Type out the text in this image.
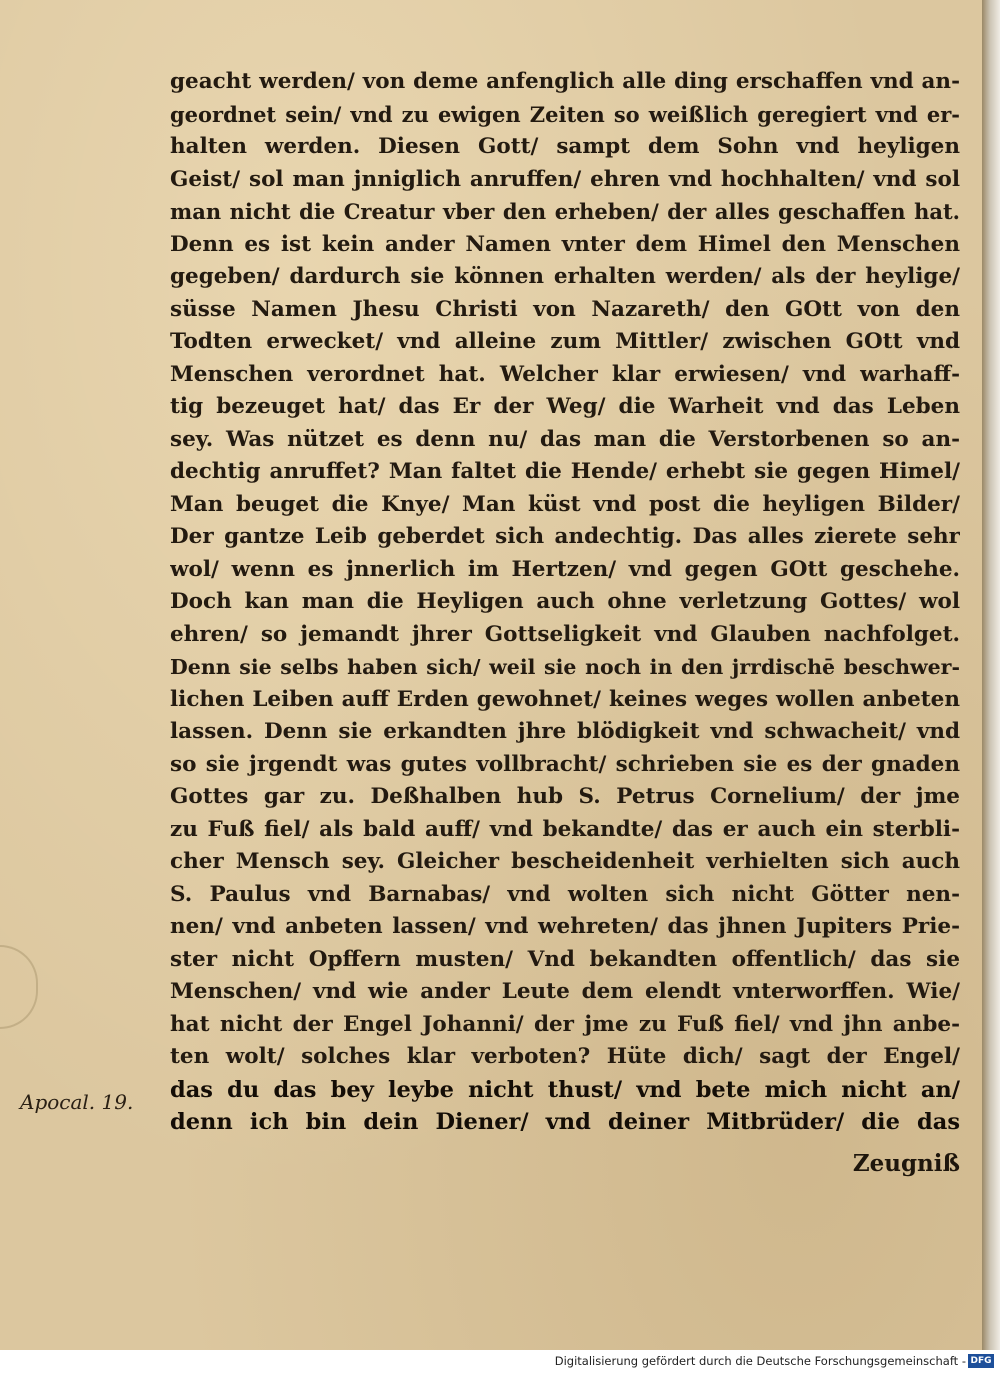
geacht werden/ von deme anfenglich alle ding erschaffen vnd an-
geordnet sein/ vnd zu ewigen Zeiten so weißlich geregiert vnd er-
halten werden. Diesen Gott/ sampt dem Sohn vnd heyligen
Geist/ sol man jnniglich anruffen/ ehren vnd hochhalten/ vnd sol
man nicht die Creatur vber den erheben/ der alles geschaffen hat.
Denn es ist kein ander Namen vnter dem Himel den Menschen
gegeben/ dardurch sie können erhalten werden/ als der heylige/
süsse Namen Jhesu Christi von Nazareth/ den GOtt von den
Todten erwecket/ vnd alleine zum Mittler/ zwischen GOtt vnd
Menschen verordnet hat. Welcher klar erwiesen/ vnd warhaff-
tig bezeuget hat/ das Er der Weg/ die Warheit vnd das Leben
sey. Was nützet es denn nu/ das man die Verstorbenen so an-
dechtig anruffet? Man faltet die Hende/ erhebt sie gegen Himel/
Man beuget die Knye/ Man küst vnd post die heyligen Bilder/
Der gantze Leib geberdet sich andechtig. Das alles zierete sehr
wol/ wenn es jnnerlich im Hertzen/ vnd gegen GOtt geschehe.
Doch kan man die Heyligen auch ohne verletzung Gottes/ wol
ehren/ so jemandt jhrer Gottseligkeit vnd Glauben nachfolget.
Denn sie selbs haben sich/ weil sie noch in den jrrdischē beschwer-
lichen Leiben auff Erden gewohnet/ keines weges wollen anbeten
lassen. Denn sie erkandten jhre blödigkeit vnd schwacheit/ vnd
so sie jrgendt was gutes vollbracht/ schrieben sie es der gnaden
Gottes gar zu. Deßhalben hub S. Petrus Cornelium/ der jme
zu Fuß fiel/ als bald auff/ vnd bekandte/ das er auch ein sterbli-
cher Mensch sey. Gleicher bescheidenheit verhielten sich auch
S. Paulus vnd Barnabas/ vnd wolten sich nicht Götter nen-
nen/ vnd anbeten lassen/ vnd wehreten/ das jhnen Jupiters Prie-
ster nicht Opffern musten/ Vnd bekandten offentlich/ das sie
Menschen/ vnd wie ander Leute dem elendt vnterworffen. Wie/
hat nicht der Engel Johanni/ der jme zu Fuß fiel/ vnd jhn anbe-
ten wolt/ solches klar verboten? Hüte dich/ sagt der Engel/
das du das bey leybe nicht thust/ vnd bete mich nicht an/
denn ich bin dein Diener/ vnd deiner Mitbrüder/ die das
Apocal. 19.
Zeugniß
Digitalisierung gefördert durch die Deutsche Forschungsgemeinschaft - DFG
